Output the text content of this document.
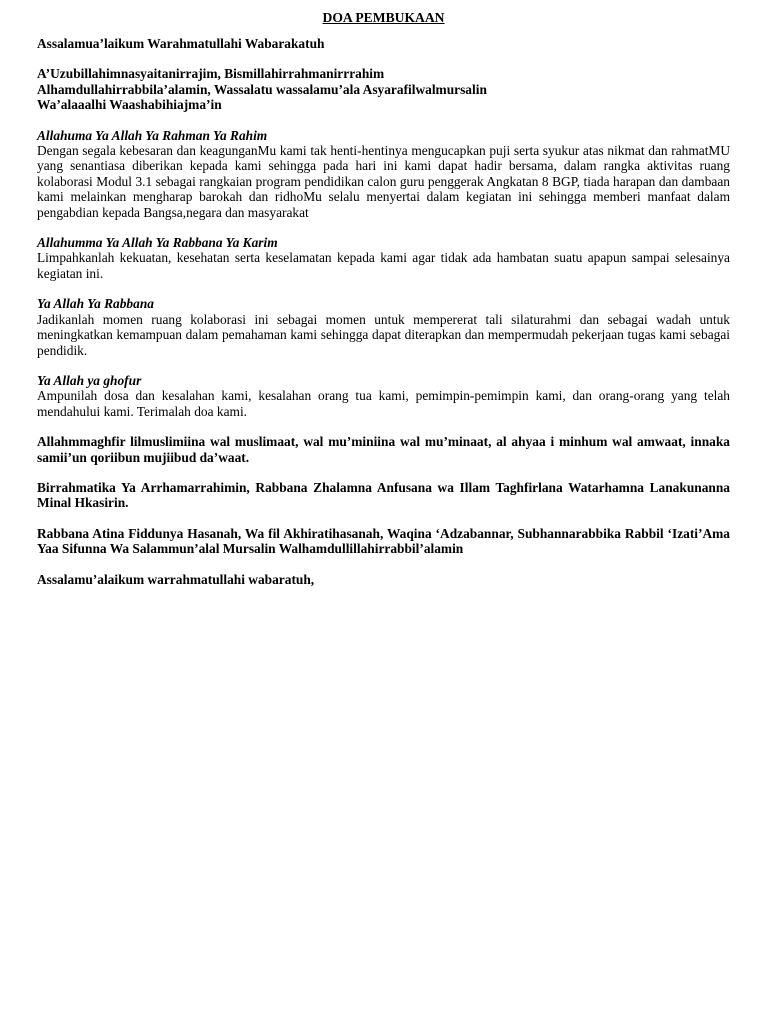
DOA PEMBUKAAN

Assalamua’laikum Warahmatullahi Wabarakatuh

A’Uzubillahimnasyaitanirrajim, Bismillahirrahmanirrrahim

Alhamdullahirrabbila’alamin, Wassalatu wassalamu’ala Asyarafilwalmursalin

Wa’alaaalhi Waashabihiajma’in

Allahuma Ya Allah Ya Rahman Ya Rahim

Dengan segala kebesaran dan keagunganMu kami tak henti-hentinya mengucapkan puji serta syukur atas nikmat dan rahmatMU yang senantiasa diberikan kepada kami sehingga pada hari ini kami dapat hadir bersama, dalam rangka aktivitas ruang kolaborasi Modul 3.1 sebagai rangkaian program pendidikan calon guru penggerak Angkatan 8 BGP, tiada harapan dan dambaan kami melainkan mengharap barokah dan ridhoMu selalu menyertai dalam kegiatan ini sehingga memberi manfaat dalam pengabdian kepada Bangsa,negara dan masyarakat

Allahumma Ya Allah Ya Rabbana Ya Karim

Limpahkanlah kekuatan, kesehatan serta keselamatan kepada kami agar tidak ada hambatan suatu apapun sampai selesainya kegiatan ini.

Ya Allah Ya Rabbana

Jadikanlah momen ruang kolaborasi ini sebagai momen untuk mempererat tali silaturahmi dan sebagai wadah untuk meningkatkan kemampuan dalam pemahaman kami sehingga dapat diterapkan dan mempermudah pekerjaan tugas kami sebagai pendidik.

Ya Allah ya ghofur

Ampunilah dosa dan kesalahan kami, kesalahan orang tua kami, pemimpin-pemimpin kami, dan orang-orang yang telah mendahului kami. Terimalah doa kami.

Allahmmaghfir lilmuslimiina wal muslimaat, wal mu’miniina wal mu’minaat, al ahyaa i minhum wal amwaat, innaka samii’un qoriibun mujiibud da’waat.

Birrahmatika Ya Arrhamarrahimin, Rabbana Zhalamna Anfusana wa Illam Taghfirlana Watarhamna Lanakunanna Minal Hkasirin.

Rabbana Atina Fiddunya Hasanah, Wa fil Akhiratihasanah, Waqina ‘Adzabannar, Subhannarabbika Rabbil ‘Izati’Ama Yaa Sifunna Wa Salammun’alal Mursalin Walhamdullillahirrabbil’alamin

Assalamu’alaikum warrahmatullahi wabaratuh,
